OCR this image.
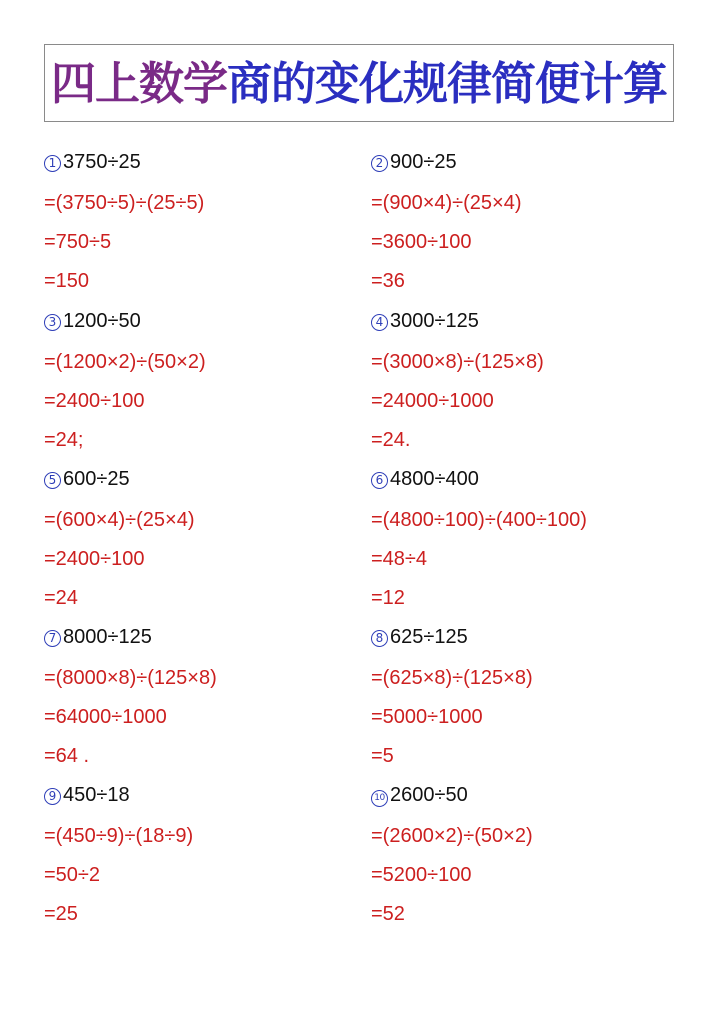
四上数学商的变化规律简便计算
1 3750÷25
=(3750÷5)÷(25÷5)
=750÷5
=150
2 900÷25
=(900×4)÷(25×4)
=3600÷100
=36
3 1200÷50
=(1200×2)÷(50×2)
=2400÷100
=24;
4 3000÷125
=(3000×8)÷(125×8)
=24000÷1000
=24.
5 600÷25
=(600×4)÷(25×4)
=2400÷100
=24
6 4800÷400
=(4800÷100)÷(400÷100)
=48÷4
=12
7 8000÷125
=(8000×8)÷(125×8)
=64000÷1000
=64 .
8 625÷125
=(625×8)÷(125×8)
=5000÷1000
=5
9 450÷18
=(450÷9)÷(18÷9)
=50÷2
=25
10 2600÷50
=(2600×2)÷(50×2)
=5200÷100
=52
